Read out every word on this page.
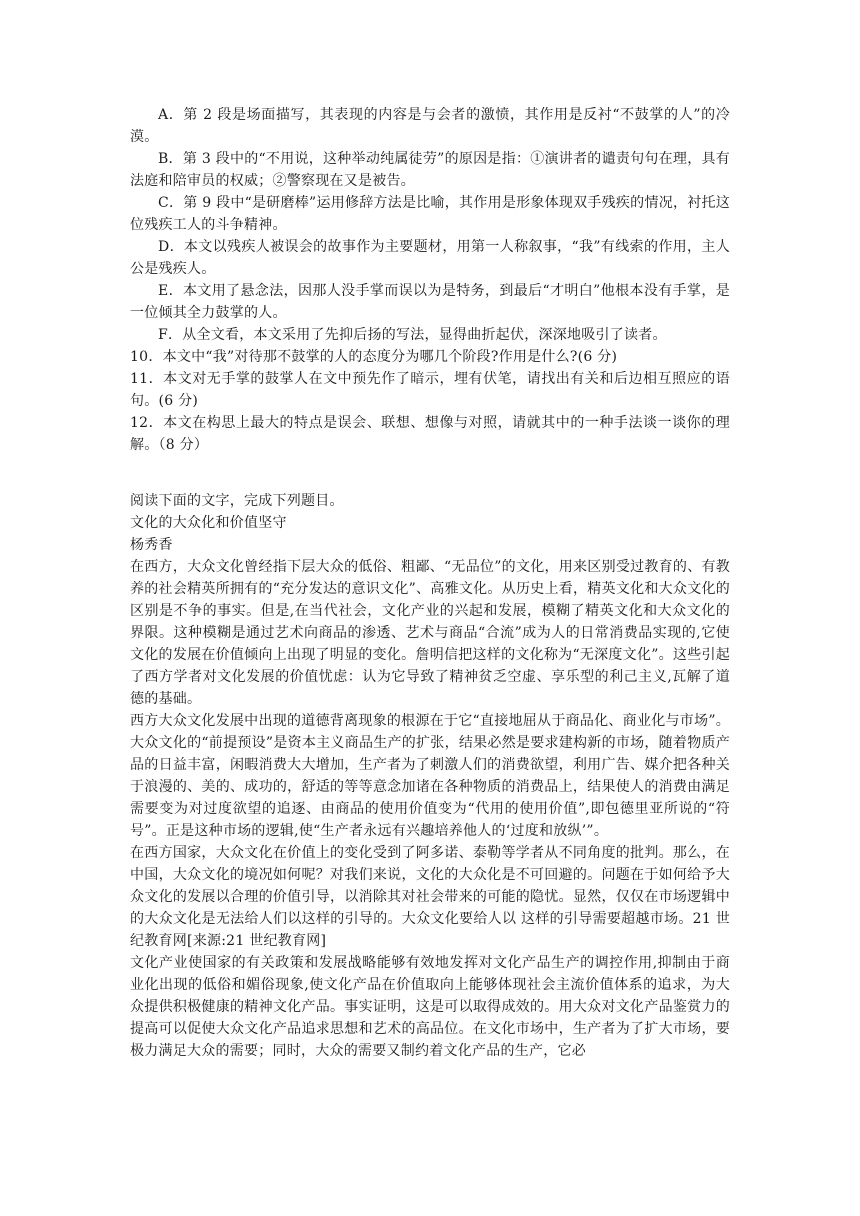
A．第 2 段是场面描写，其表现的内容是与会者的激愤，其作用是反衬“不鼓掌的人”的冷漠。

B．第 3 段中的“不用说，这种举动纯属徒劳”的原因是指：①演讲者的谴责句句在理，具有法庭和陪审员的权威；②警察现在又是被告。

C．第 9 段中“是研磨棒”运用修辞方法是比喻，其作用是形象体现双手残疾的情况，衬托这位残疾工人的斗争精神。

D．本文以残疾人被误会的故事作为主要题材，用第一人称叙事，“我”有线索的作用，主人公是残疾人。

E．本文用了悬念法，因那人没手掌而误以为是特务，到最后“才明白”他根本没有手掌，是一位倾其全力鼓掌的人。

F．从全文看，本文采用了先抑后扬的写法，显得曲折起伏，深深地吸引了读者。

10．本文中“我”对待那不鼓掌的人的态度分为哪几个阶段?作用是什么?(6 分)

11．本文对无手掌的鼓掌人在文中预先作了暗示，埋有伏笔，请找出有关和后边相互照应的语句。(6 分)

12．本文在构思上最大的特点是误会、联想、想像与对照，请就其中的一种手法谈一谈你的理解。（8 分）

阅读下面的文字，完成下列题目。

文化的大众化和价值坚守

杨秀香

在西方，大众文化曾经指下层大众的低俗、粗鄙、“无品位”的文化，用来区别受过教育的、有教养的社会精英所拥有的“充分发达的意识文化”、高雅文化。从历史上看，精英文化和大众文化的区别是不争的事实。但是,在当代社会，文化产业的兴起和发展，模糊了精英文化和大众文化的界限。这种模糊是通过艺术向商品的渗透、艺术与商品“合流”成为人的日常消费品实现的,它使文化的发展在价值倾向上出现了明显的变化。詹明信把这样的文化称为“无深度文化”。这些引起了西方学者对文化发展的价值忧虑：认为它导致了精神贫乏空虚、享乐型的利己主义,瓦解了道德的基础。

西方大众文化发展中出现的道德背离现象的根源在于它“直接地屈从于商品化、商业化与市场”。大众文化的“前提预设”是资本主义商品生产的扩张，结果必然是要求建构新的市场，随着物质产品的日益丰富，闲暇消费大大增加，生产者为了刺激人们的消费欲望，利用广告、媒介把各种关于浪漫的、美的、成功的，舒适的等等意念加诸在各种物质的消费品上，结果使人的消费由满足需要变为对过度欲望的追逐、由商品的使用价值变为“代用的使用价值”,即包德里亚所说的“符号”。正是这种市场的逻辑,使“生产者永远有兴趣培养他人的‘过度和放纵’”。

在西方国家，大众文化在价值上的变化受到了阿多诺、泰勒等学者从不同角度的批判。那么，在中国，大众文化的境况如何呢？对我们来说，文化的大众化是不可回避的。问题在于如何给予大众文化的发展以合理的价值引导，以消除其对社会带来的可能的隐忧。显然，仅仅在市场逻辑中的大众文化是无法给人们以这样的引导的。大众文化要给人以 这样的引导需要超越市场。21 世纪教育网[来源:21 世纪教育网]

文化产业使国家的有关政策和发展战略能够有效地发挥对文化产品生产的调控作用,抑制由于商业化出现的低俗和媚俗现象,使文化产品在价值取向上能够体现社会主流价值体系的追求，为大众提供积极健康的精神文化产品。事实证明，这是可以取得成效的。用大众对文化产品鉴赏力的提高可以促使大众文化产品追求思想和艺术的高品位。在文化市场中，生产者为了扩大市场，要极力满足大众的需要；同时，大众的需要又制约着文化产品的生产，它必
